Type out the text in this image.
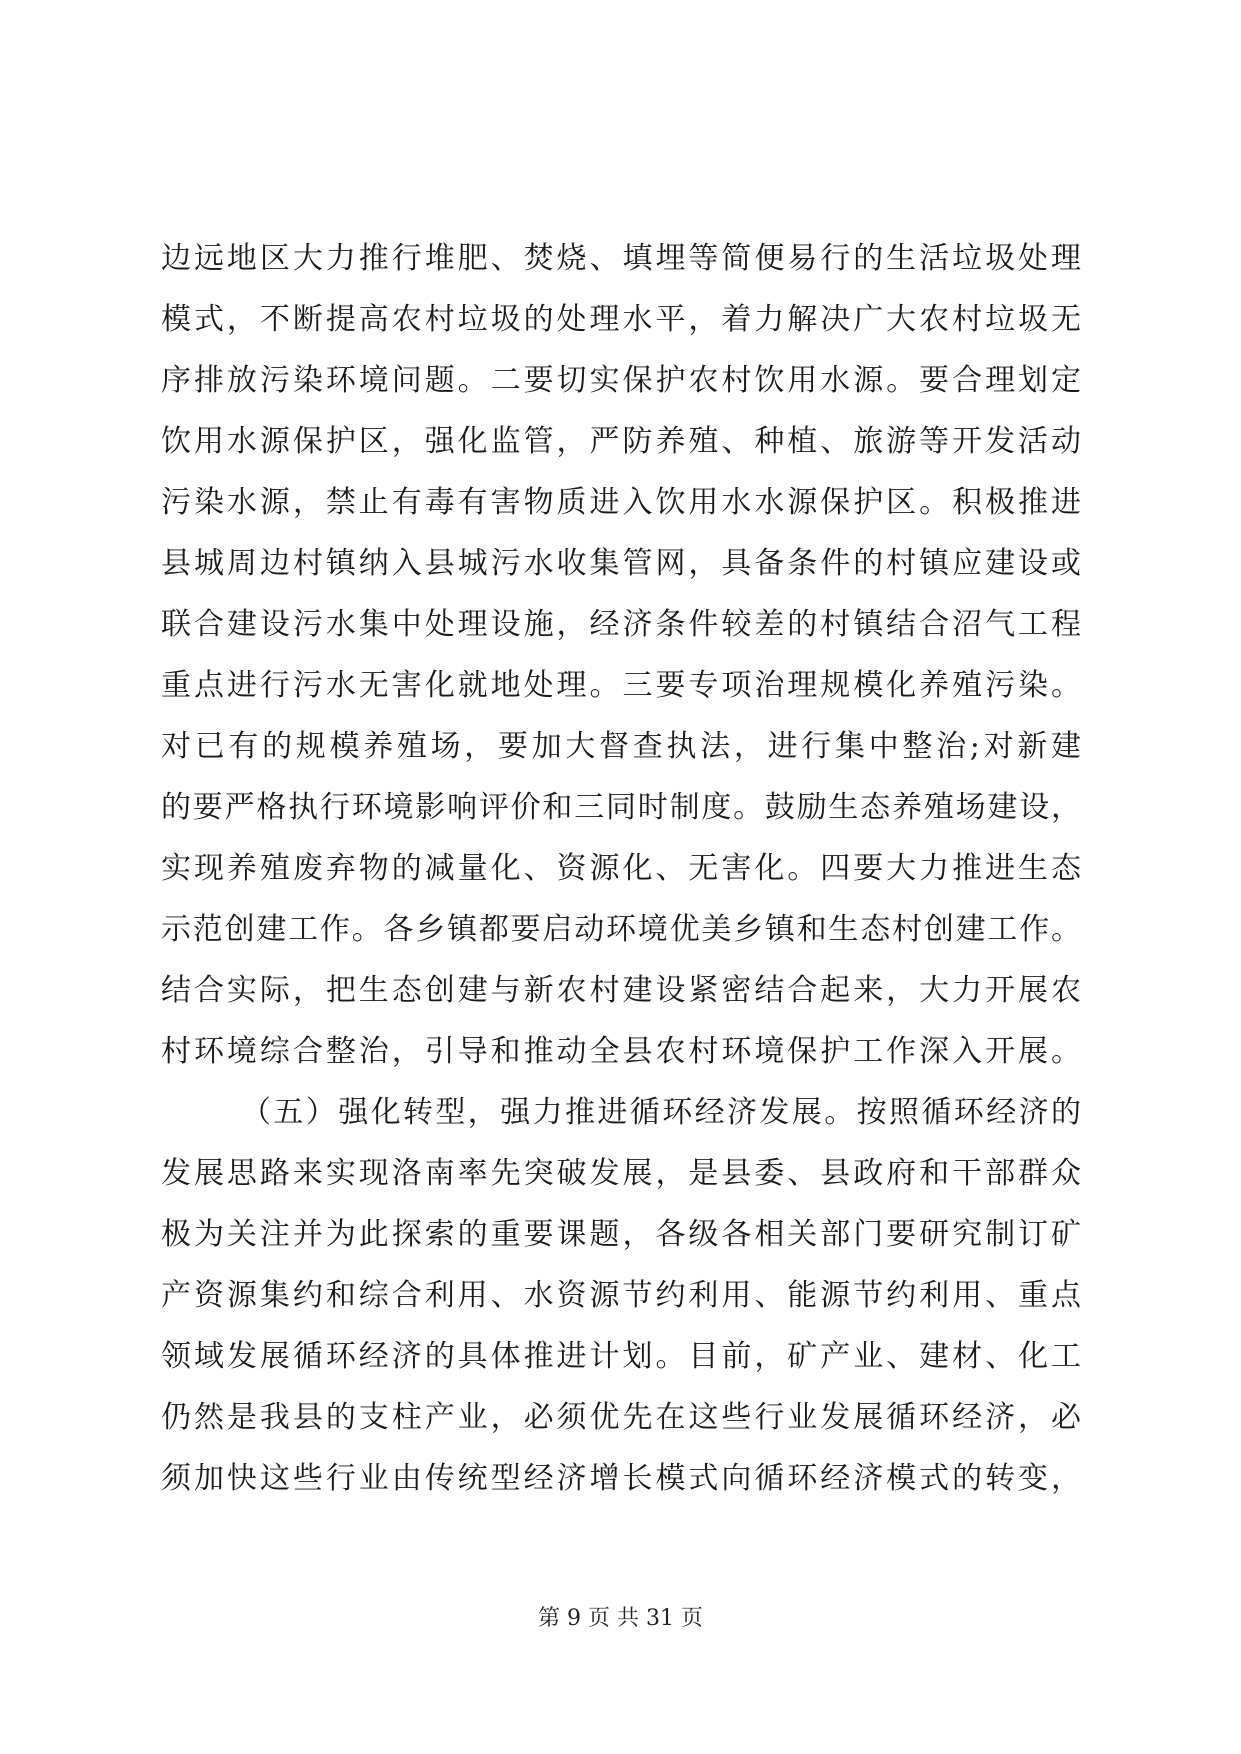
边远地区大力推行堆肥、焚烧、填埋等简便易行的生活垃圾处理
模式，不断提高农村垃圾的处理水平，着力解决广大农村垃圾无
序排放污染环境问题。二要切实保护农村饮用水源。要合理划定
饮用水源保护区，强化监管，严防养殖、种植、旅游等开发活动
污染水源，禁止有毒有害物质进入饮用水水源保护区。积极推进
县城周边村镇纳入县城污水收集管网，具备条件的村镇应建设或
联合建设污水集中处理设施，经济条件较差的村镇结合沼气工程
重点进行污水无害化就地处理。三要专项治理规模化养殖污染。
对已有的规模养殖场，要加大督查执法，进行集中整治;对新建
的要严格执行环境影响评价和三同时制度。鼓励生态养殖场建设，
实现养殖废弃物的减量化、资源化、无害化。四要大力推进生态
示范创建工作。各乡镇都要启动环境优美乡镇和生态村创建工作。
结合实际，把生态创建与新农村建设紧密结合起来，大力开展农
村环境综合整治，引导和推动全县农村环境保护工作深入开展。
（五）强化转型，强力推进循环经济发展。按照循环经济的
发展思路来实现洛南率先突破发展，是县委、县政府和干部群众
极为关注并为此探索的重要课题，各级各相关部门要研究制订矿
产资源集约和综合利用、水资源节约利用、能源节约利用、重点
领域发展循环经济的具体推进计划。目前，矿产业、建材、化工
仍然是我县的支柱产业，必须优先在这些行业发展循环经济，必
须加快这些行业由传统型经济增长模式向循环经济模式的转变，
第 9 页 共 31 页
